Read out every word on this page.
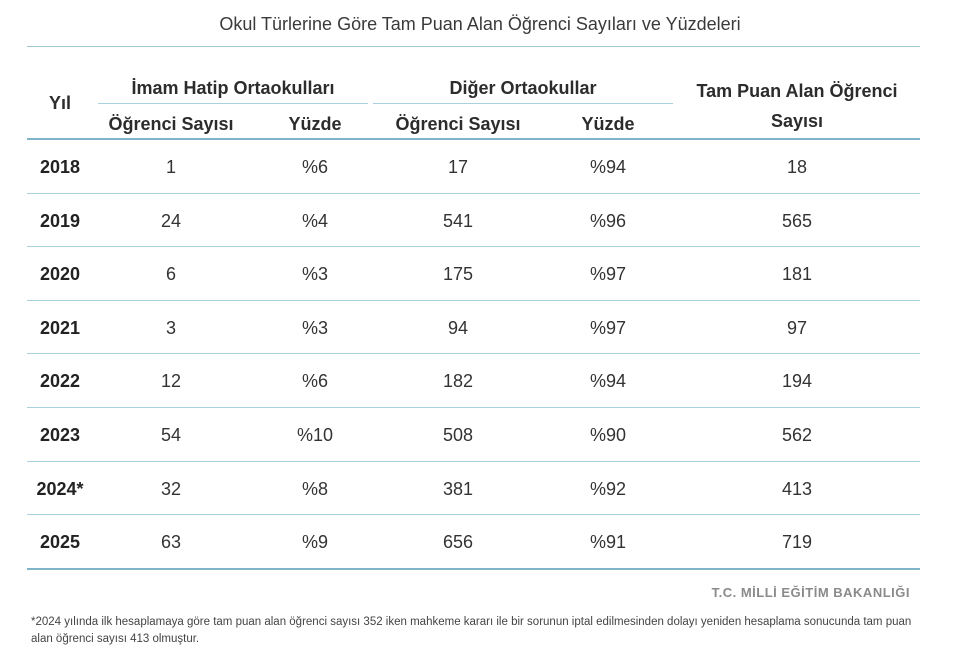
Okul Türlerine Göre Tam Puan Alan Öğrenci Sayıları ve Yüzdeleri
Yıl
İmam Hatip Ortaokulları	Diğer Ortaokullar	Tam Puan Alan Öğrenci
Sayısı
Öğrenci Sayısı	Yüzde	Öğrenci Sayısı	Yüzde
2018	1	%6	17	%94	18
2019	24	%4	541	%96	565
2020	6	%3	175	%97	181
2021	3	%3	94	%97	97
2022	12	%6	182	%94	194
2023	54	%10	508	%90	562
2024*	32	%8	381	%92	413
2025	63	%9	656	%91	719
T.C. MİLLİ EĞİTİM BAKANLIĞI
*2024 yılında ilk hesaplamaya göre tam puan alan öğrenci sayısı 352 iken mahkeme kararı ile bir sorunun iptal edilmesinden dolayı yeniden hesaplama sonucunda tam puan alan öğrenci sayısı 413 olmuştur.
